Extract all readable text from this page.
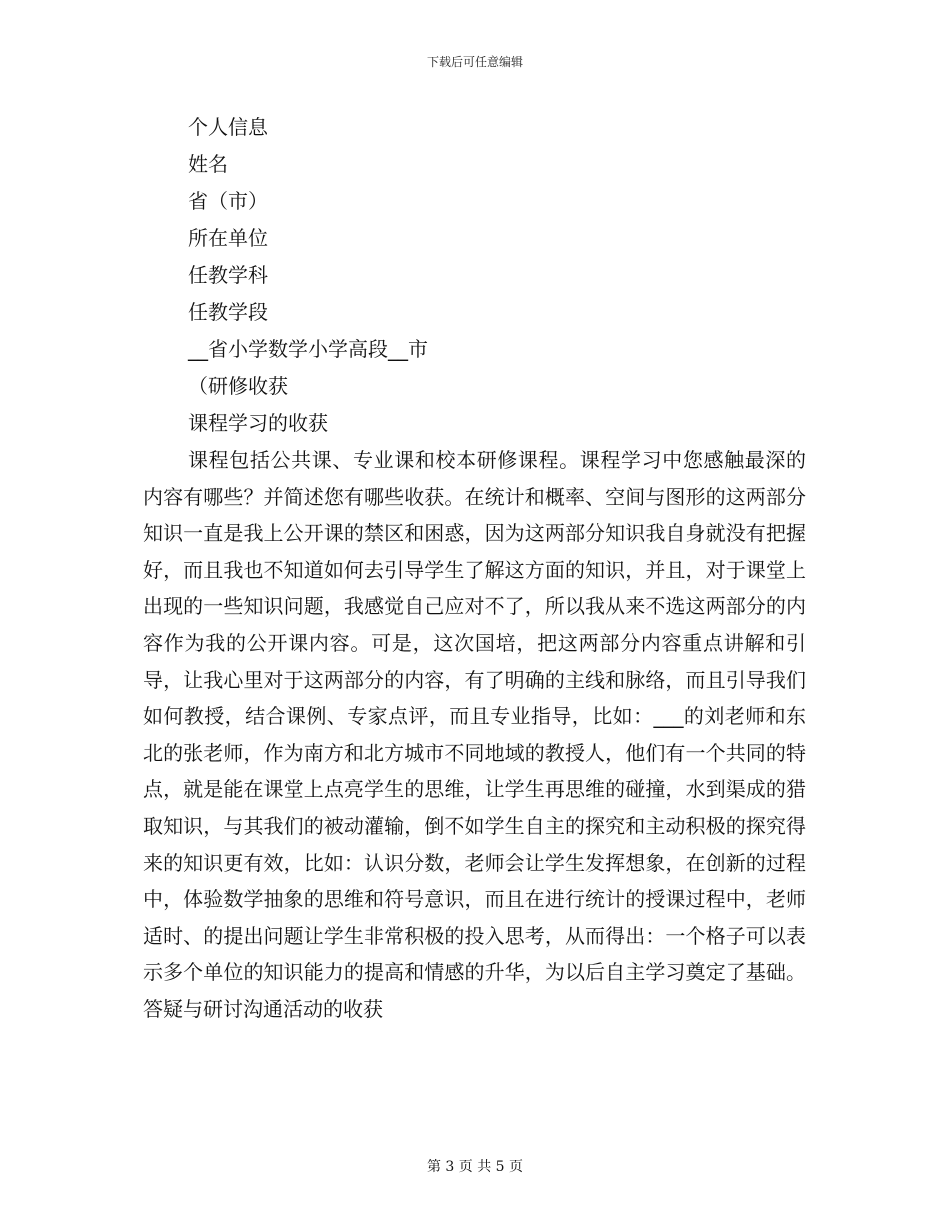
下载后可任意编辑
个人信息
姓名
省（市）
所在单位
任教学科
任教学段
__省小学数学小学高段__市
（研修收获
课程学习的收获
课程包括公共课、专业课和校本研修课程。课程学习中您感触最深的内容有哪些？并简述您有哪些收获。在统计和概率、空间与图形的这两部分知识一直是我上公开课的禁区和困惑，因为这两部分知识我自身就没有把握好，而且我也不知道如何去引导学生了解这方面的知识，并且，对于课堂上出现的一些知识问题，我感觉自己应对不了，所以我从来不选这两部分的内容作为我的公开课内容。可是，这次国培，把这两部分内容重点讲解和引导，让我心里对于这两部分的内容，有了明确的主线和脉络，而且引导我们如何教授，结合课例、专家点评，而且专业指导，比如：___的刘老师和东北的张老师，作为南方和北方城市不同地域的教授人，他们有一个共同的特点，就是能在课堂上点亮学生的思维，让学生再思维的碰撞，水到渠成的猎取知识，与其我们的被动灌输，倒不如学生自主的探究和主动积极的探究得来的知识更有效，比如：认识分数，老师会让学生发挥想象，在创新的过程中，体验数学抽象的思维和符号意识，而且在进行统计的授课过程中，老师适时、的提出问题让学生非常积极的投入思考，从而得出：一个格子可以表示多个单位的知识能力的提高和情感的升华，为以后自主学习奠定了基础。答疑与研讨沟通活动的收获
第 3 页 共 5 页
